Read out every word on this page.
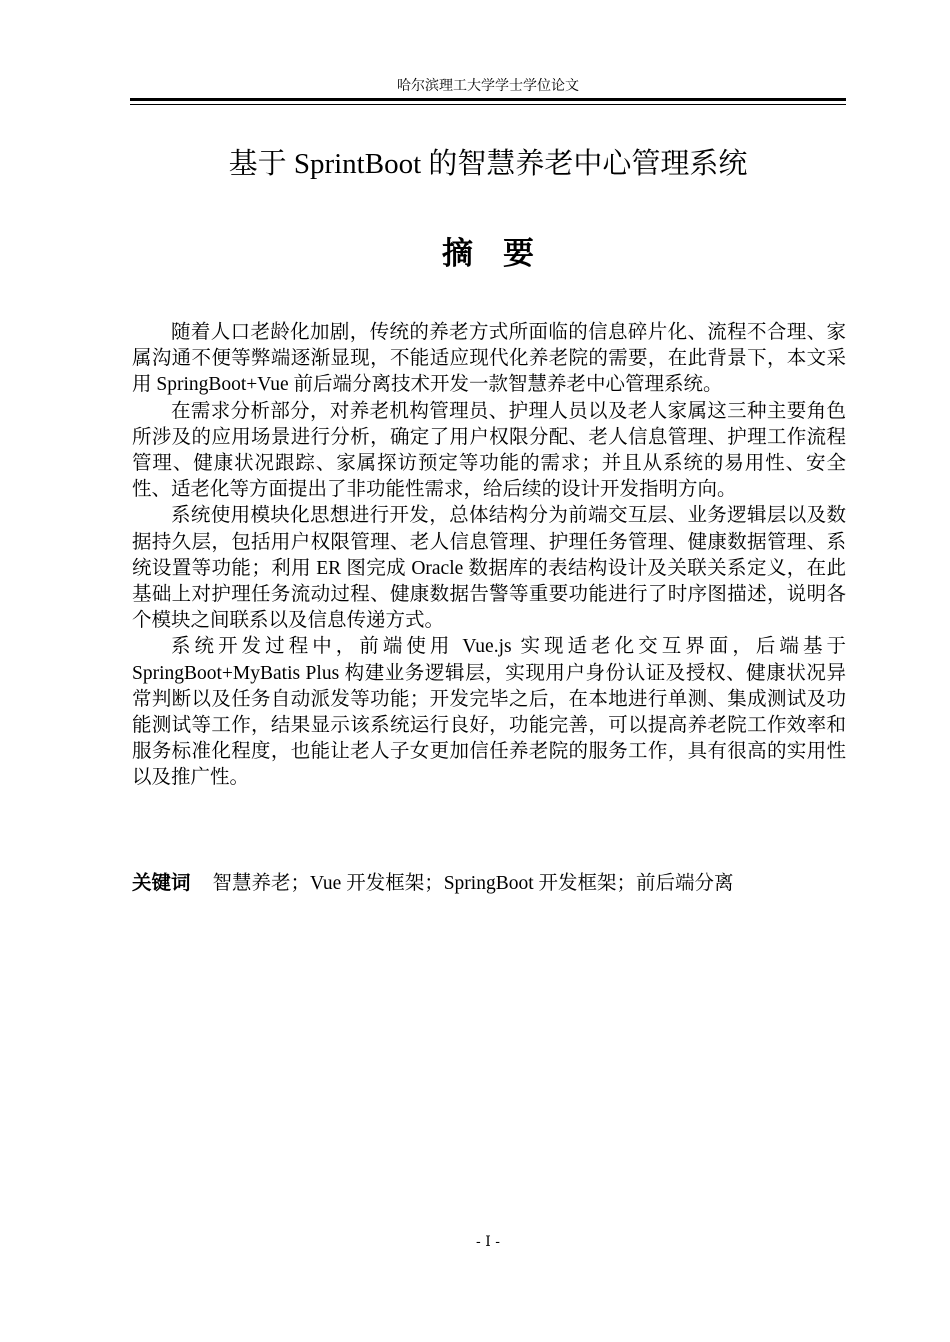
哈尔滨理工大学学士学位论文
基于 SprintBoot 的智慧养老中心管理系统
摘要

随着人口老龄化加剧，传统的养老方式所面临的信息碎片化、流程不合理、家属沟通不便等弊端逐渐显现，不能适应现代化养老院的需要，在此背景下，本文采用 SpringBoot+Vue 前后端分离技术开发一款智慧养老中心管理系统。

在需求分析部分，对养老机构管理员、护理人员以及老人家属这三种主要角色所涉及的应用场景进行分析，确定了用户权限分配、老人信息管理、护理工作流程管理、健康状况跟踪、家属探访预定等功能的需求；并且从系统的易用性、安全性、适老化等方面提出了非功能性需求，给后续的设计开发指明方向。

系统使用模块化思想进行开发，总体结构分为前端交互层、业务逻辑层以及数据持久层，包括用户权限管理、老人信息管理、护理任务管理、健康数据管理、系统设置等功能；利用 ER 图完成 Oracle 数据库的表结构设计及关联关系定义，在此基础上对护理任务流动过程、健康数据告警等重要功能进行了时序图描述，说明各个模块之间联系以及信息传递方式。

系统开发过程中，前端使用 Vue.js 实现适老化交互界面，后端基于 SpringBoot+MyBatis Plus 构建业务逻辑层，实现用户身份认证及授权、健康状况异常判断以及任务自动派发等功能；开发完毕之后，在本地进行单测、集成测试及功能测试等工作，结果显示该系统运行良好，功能完善，可以提高养老院工作效率和服务标准化程度，也能让老人子女更加信任养老院的服务工作，具有很高的实用性以及推广性。

关键词 智慧养老；Vue 开发框架；SpringBoot 开发框架；前后端分离
- I -
